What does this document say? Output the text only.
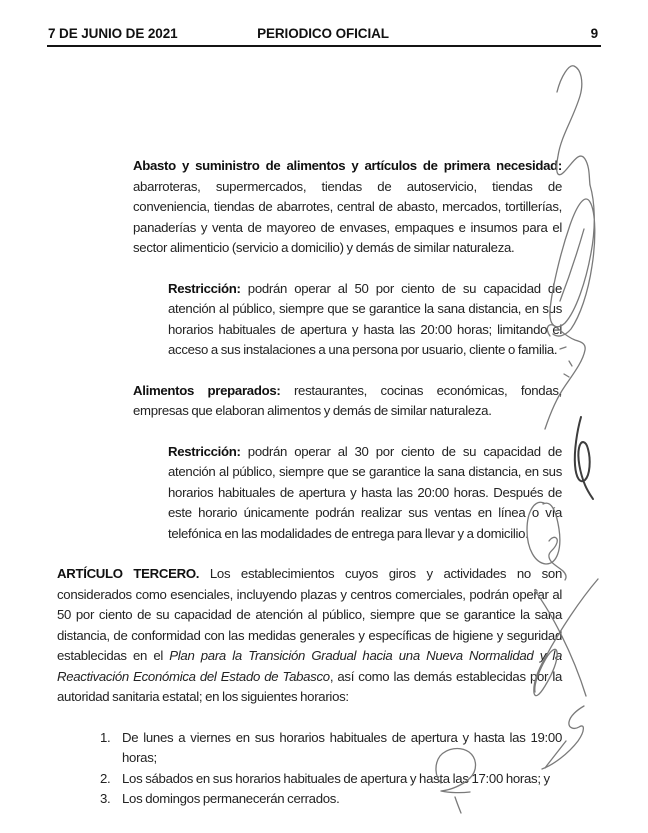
7 DE JUNIO DE 2021	PERIODICO OFICIAL	9

Abasto y suministro de alimentos y artículos de primera necesidad: abarroteras, supermercados, tiendas de autoservicio, tiendas de conveniencia, tiendas de abarrotes, central de abasto, mercados, tortillerías, panaderías y venta de mayoreo de envases, empaques e insumos para el sector alimenticio (servicio a domicilio) y demás de similar naturaleza.

Restricción: podrán operar al 50 por ciento de su capacidad de atención al público, siempre que se garantice la sana distancia, en sus horarios habituales de apertura y hasta las 20:00 horas; limitando el acceso a sus instalaciones a una persona por usuario, cliente o familia.

Alimentos preparados: restaurantes, cocinas económicas, fondas, empresas que elaboran alimentos y demás de similar naturaleza.

Restricción: podrán operar al 30 por ciento de su capacidad de atención al público, siempre que se garantice la sana distancia, en sus horarios habituales de apertura y hasta las 20:00 horas. Después de este horario únicamente podrán realizar sus ventas en línea o vía telefónica en las modalidades de entrega para llevar y a domicilio.

ARTÍCULO TERCERO. Los establecimientos cuyos giros y actividades no son considerados como esenciales, incluyendo plazas y centros comerciales, podrán operar al 50 por ciento de su capacidad de atención al público, siempre que se garantice la sana distancia, de conformidad con las medidas generales y específicas de higiene y seguridad establecidas en el Plan para la Transición Gradual hacia una Nueva Normalidad y la Reactivación Económica del Estado de Tabasco, así como las demás establecidas por la autoridad sanitaria estatal; en los siguientes horarios:

1. De lunes a viernes en sus horarios habituales de apertura y hasta las 19:00 horas;
2. Los sábados en sus horarios habituales de apertura y hasta las 17:00 horas; y
3. Los domingos permanecerán cerrados.
